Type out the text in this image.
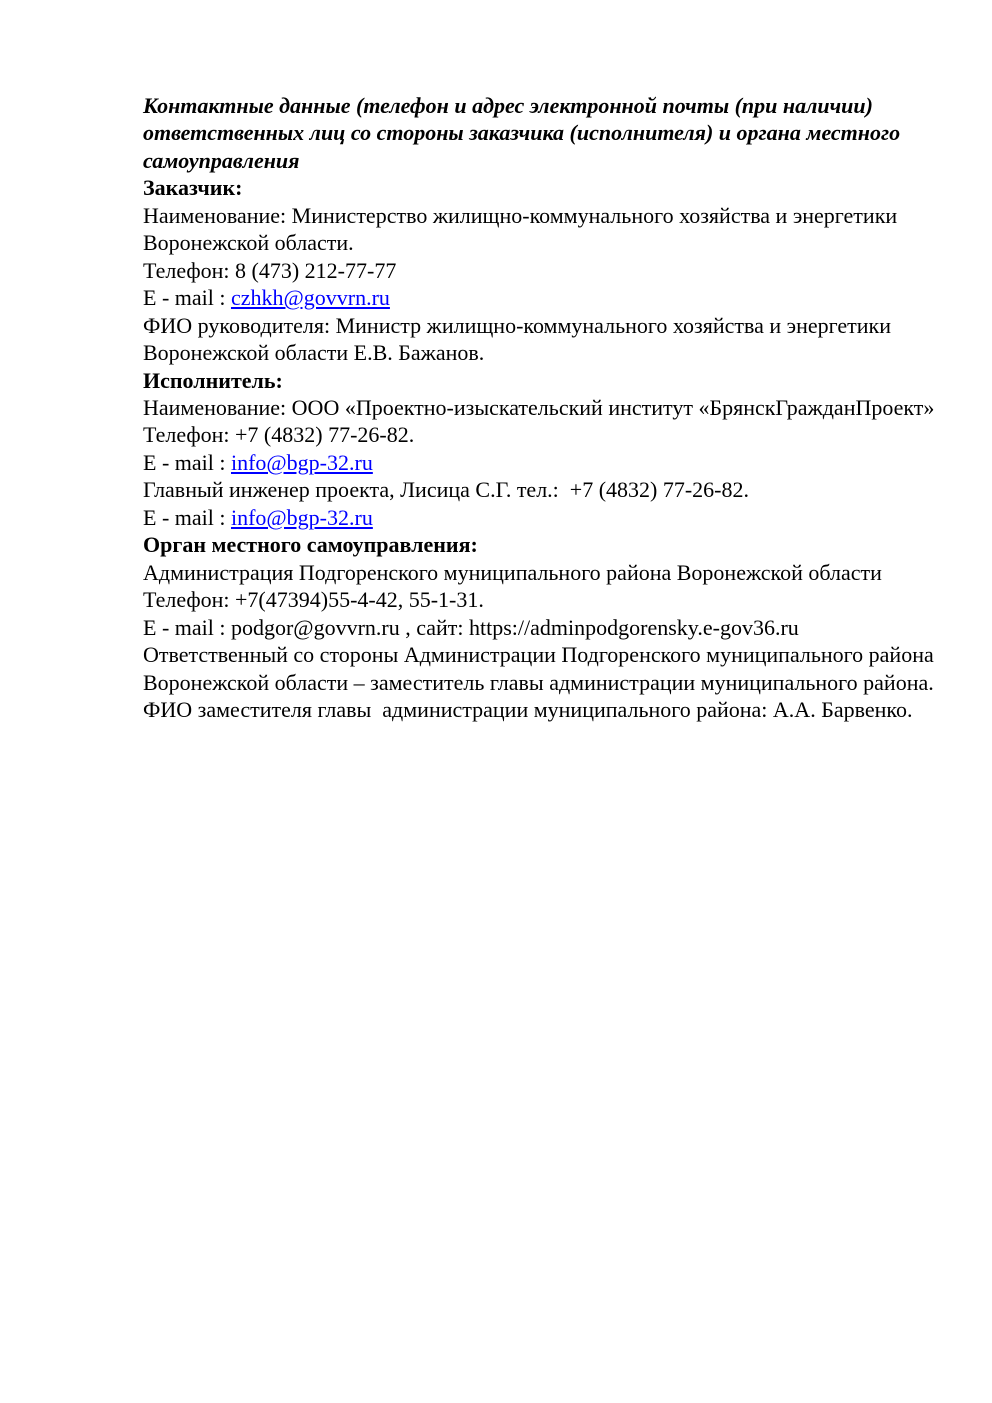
Контактные данные (телефон и адрес электронной почты (при наличии)

ответственных лиц со стороны заказчика (исполнителя) и органа местного

самоуправления

Заказчик:

Наименование: Министерство жилищно-коммунального хозяйства и энергетики

Воронежской области.

Телефон: 8 (473) 212-77-77

E - mail : czhkh@govvrn.ru

ФИО руководителя: Министр жилищно-коммунального хозяйства и энергетики

Воронежской области Е.В. Бажанов.

Исполнитель:

Наименование: ООО «Проектно-изыскательский институт «БрянскГражданПроект»

Телефон: +7 (4832) 77-26-82.

E - mail : info@bgp-32.ru

Главный инженер проекта, Лисица С.Г. тел.:  +7 (4832) 77-26-82.

E - mail : info@bgp-32.ru

Орган местного самоуправления:

Администрация Подгоренского муниципального района Воронежской области

Телефон: +7(47394)55-4-42, 55-1-31.

E - mail : podgor@govvrn.ru , сайт: https://adminpodgorensky.e-gov36.ru

Ответственный со стороны Администрации Подгоренского муниципального района

Воронежской области – заместитель главы администрации муниципального района.

ФИО заместителя главы  администрации муниципального района: А.А. Барвенко.
